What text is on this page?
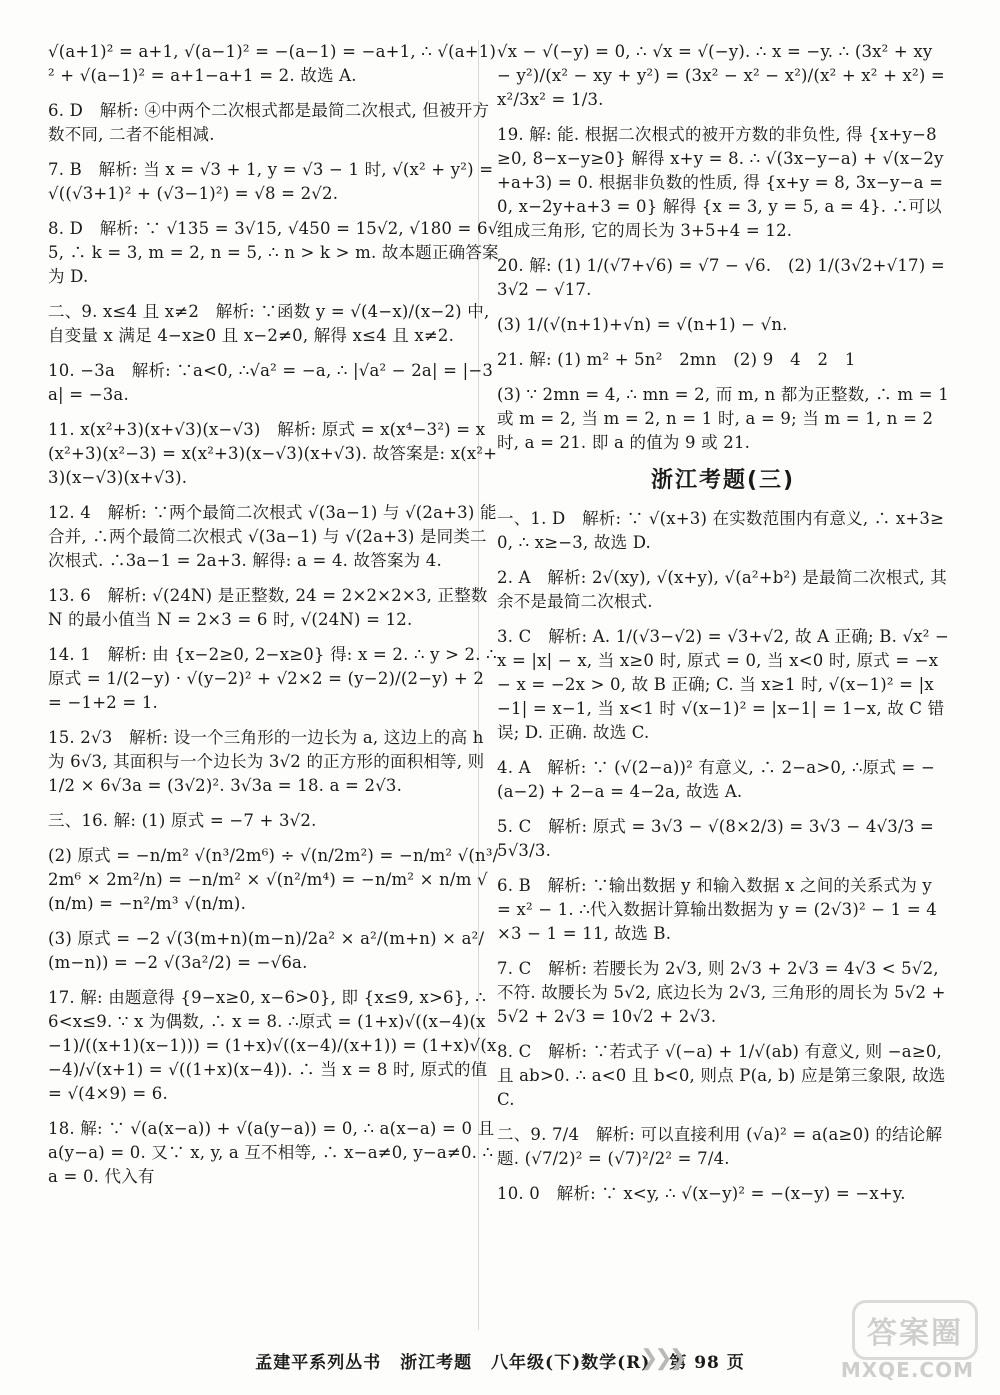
√(a+1)² = a+1, √(a−1)² = −(a−1) = −a+1, ∴ √(a+1)² + √(a−1)² = a+1−a+1 = 2. 故选 A.

6. D　解析: ④中两个二次根式都是最简二次根式, 但被开方数不同, 二者不能相减.

7. B　解析: 当 x = √3 + 1, y = √3 − 1 时, √(x² + y²) = √((√3+1)² + (√3−1)²) = √8 = 2√2.

8. D　解析: ∵ √135 = 3√15, √450 = 15√2, √180 = 6√5, ∴ k = 3, m = 2, n = 5, ∴ n > k > m. 故本题正确答案为 D.

二、9. x≤4 且 x≠2　解析: ∵函数 y = √(4−x)/(x−2) 中, 自变量 x 满足 4−x≥0 且 x−2≠0, 解得 x≤4 且 x≠2.

10. −3a　解析: ∵a<0, ∴√a² = −a, ∴ |√a² − 2a| = |−3a| = −3a.

11. x(x²+3)(x+√3)(x−√3)　解析: 原式 = x(x⁴−3²) = x(x²+3)(x²−3) = x(x²+3)(x−√3)(x+√3). 故答案是: x(x²+3)(x−√3)(x+√3).

12. 4　解析: ∵两个最简二次根式 √(3a−1) 与 √(2a+3) 能合并, ∴两个最简二次根式 √(3a−1) 与 √(2a+3) 是同类二次根式. ∴3a−1 = 2a+3. 解得: a = 4. 故答案为 4.

13. 6　解析: √(24N) 是正整数, 24 = 2×2×2×3, 正整数 N 的最小值当 N = 2×3 = 6 时, √(24N) = 12.

14. 1　解析: 由 {x−2≥0, 2−x≥0} 得: x = 2. ∴ y > 2. ∴原式 = 1/(2−y) · √(y−2)² + √2×2 = (y−2)/(2−y) + 2 = −1+2 = 1.

15. 2√3　解析: 设一个三角形的一边长为 a, 这边上的高 h 为 6√3, 其面积与一个边长为 3√2 的正方形的面积相等, 则 1/2 × 6√3a = (3√2)². 3√3a = 18. a = 2√3.

三、16. 解: (1) 原式 = −7 + 3√2.

(2) 原式 = −n/m² √(n³/2m⁶) ÷ √(n/2m²) = −n/m² √(n³/2m⁶ × 2m²/n) = −n/m² × √(n²/m⁴) = −n/m² × n/m √(n/m) = −n²/m³ √(n/m).

(3) 原式 = −2 √(3(m+n)(m−n)/2a² × a²/(m+n) × a²/(m−n)) = −2 √(3a²/2) = −√6a.

17. 解: 由题意得 {9−x≥0, x−6>0}, 即 {x≤9, x>6}, ∴ 6<x≤9. ∵ x 为偶数, ∴ x = 8. ∴原式 = (1+x)√((x−4)(x−1)/((x+1)(x−1))) = (1+x)√((x−4)/(x+1)) = (1+x)√(x−4)/√(x+1) = √((1+x)(x−4)). ∴ 当 x = 8 时, 原式的值 = √(4×9) = 6.

18. 解: ∵ √(a(x−a)) + √(a(y−a)) = 0, ∴ a(x−a) = 0 且 a(y−a) = 0. 又∵ x, y, a 互不相等, ∴ x−a≠0, y−a≠0. ∴ a = 0. 代入有

√x − √(−y) = 0, ∴ √x = √(−y). ∴ x = −y. ∴ (3x² + xy − y²)/(x² − xy + y²) = (3x² − x² − x²)/(x² + x² + x²) = x²/3x² = 1/3.

19. 解: 能. 根据二次根式的被开方数的非负性, 得 {x+y−8≥0, 8−x−y≥0} 解得 x+y = 8. ∴ √(3x−y−a) + √(x−2y+a+3) = 0. 根据非负数的性质, 得 {x+y = 8, 3x−y−a = 0, x−2y+a+3 = 0} 解得 {x = 3, y = 5, a = 4}. ∴可以组成三角形, 它的周长为 3+5+4 = 12.

20. 解: (1) 1/(√7+√6) = √7 − √6.　(2) 1/(3√2+√17) = 3√2 − √17.

(3) 1/(√(n+1)+√n) = √(n+1) − √n.

21. 解: (1) m² + 5n²　2mn　(2) 9　4　2　1

(3) ∵ 2mn = 4, ∴ mn = 2, 而 m, n 都为正整数, ∴ m = 1 或 m = 2, 当 m = 2, n = 1 时, a = 9; 当 m = 1, n = 2 时, a = 21. 即 a 的值为 9 或 21.

浙江考题(三)

一、1. D　解析: ∵ √(x+3) 在实数范围内有意义, ∴ x+3≥0, ∴ x≥−3, 故选 D.

2. A　解析: 2√(xy), √(x+y), √(a²+b²) 是最简二次根式, 其余不是最简二次根式.

3. C　解析: A. 1/(√3−√2) = √3+√2, 故 A 正确; B. √x² − x = |x| − x, 当 x≥0 时, 原式 = 0, 当 x<0 时, 原式 = −x − x = −2x > 0, 故 B 正确; C. 当 x≥1 时, √(x−1)² = |x−1| = x−1, 当 x<1 时 √(x−1)² = |x−1| = 1−x, 故 C 错误; D. 正确. 故选 C.

4. A　解析: ∵ (√(2−a))² 有意义, ∴ 2−a>0, ∴原式 = −(a−2) + 2−a = 4−2a, 故选 A.

5. C　解析: 原式 = 3√3 − √(8×2/3) = 3√3 − 4√3/3 = 5√3/3.

6. B　解析: ∵输出数据 y 和输入数据 x 之间的关系式为 y = x² − 1. ∴代入数据计算输出数据为 y = (2√3)² − 1 = 4×3 − 1 = 11, 故选 B.

7. C　解析: 若腰长为 2√3, 则 2√3 + 2√3 = 4√3 < 5√2, 不符. 故腰长为 5√2, 底边长为 2√3, 三角形的周长为 5√2 + 5√2 + 2√3 = 10√2 + 2√3.

8. C　解析: ∵若式子 √(−a) + 1/√(ab) 有意义, 则 −a≥0, 且 ab>0. ∴ a<0 且 b<0, 则点 P(a, b) 应是第三象限, 故选 C.

二、9. 7/4　解析: 可以直接利用 (√a)² = a(a≥0) 的结论解题. (√7/2)² = (√7)²/2² = 7/4.

10. 0　解析: ∵ x<y, ∴ √(x−y)² = −(x−y) = −x+y.

孟建平系列丛书 浙江考题 八年级(下)数学(R) 第 98 页
❯❯❯
答案圈
MXQE.COM
